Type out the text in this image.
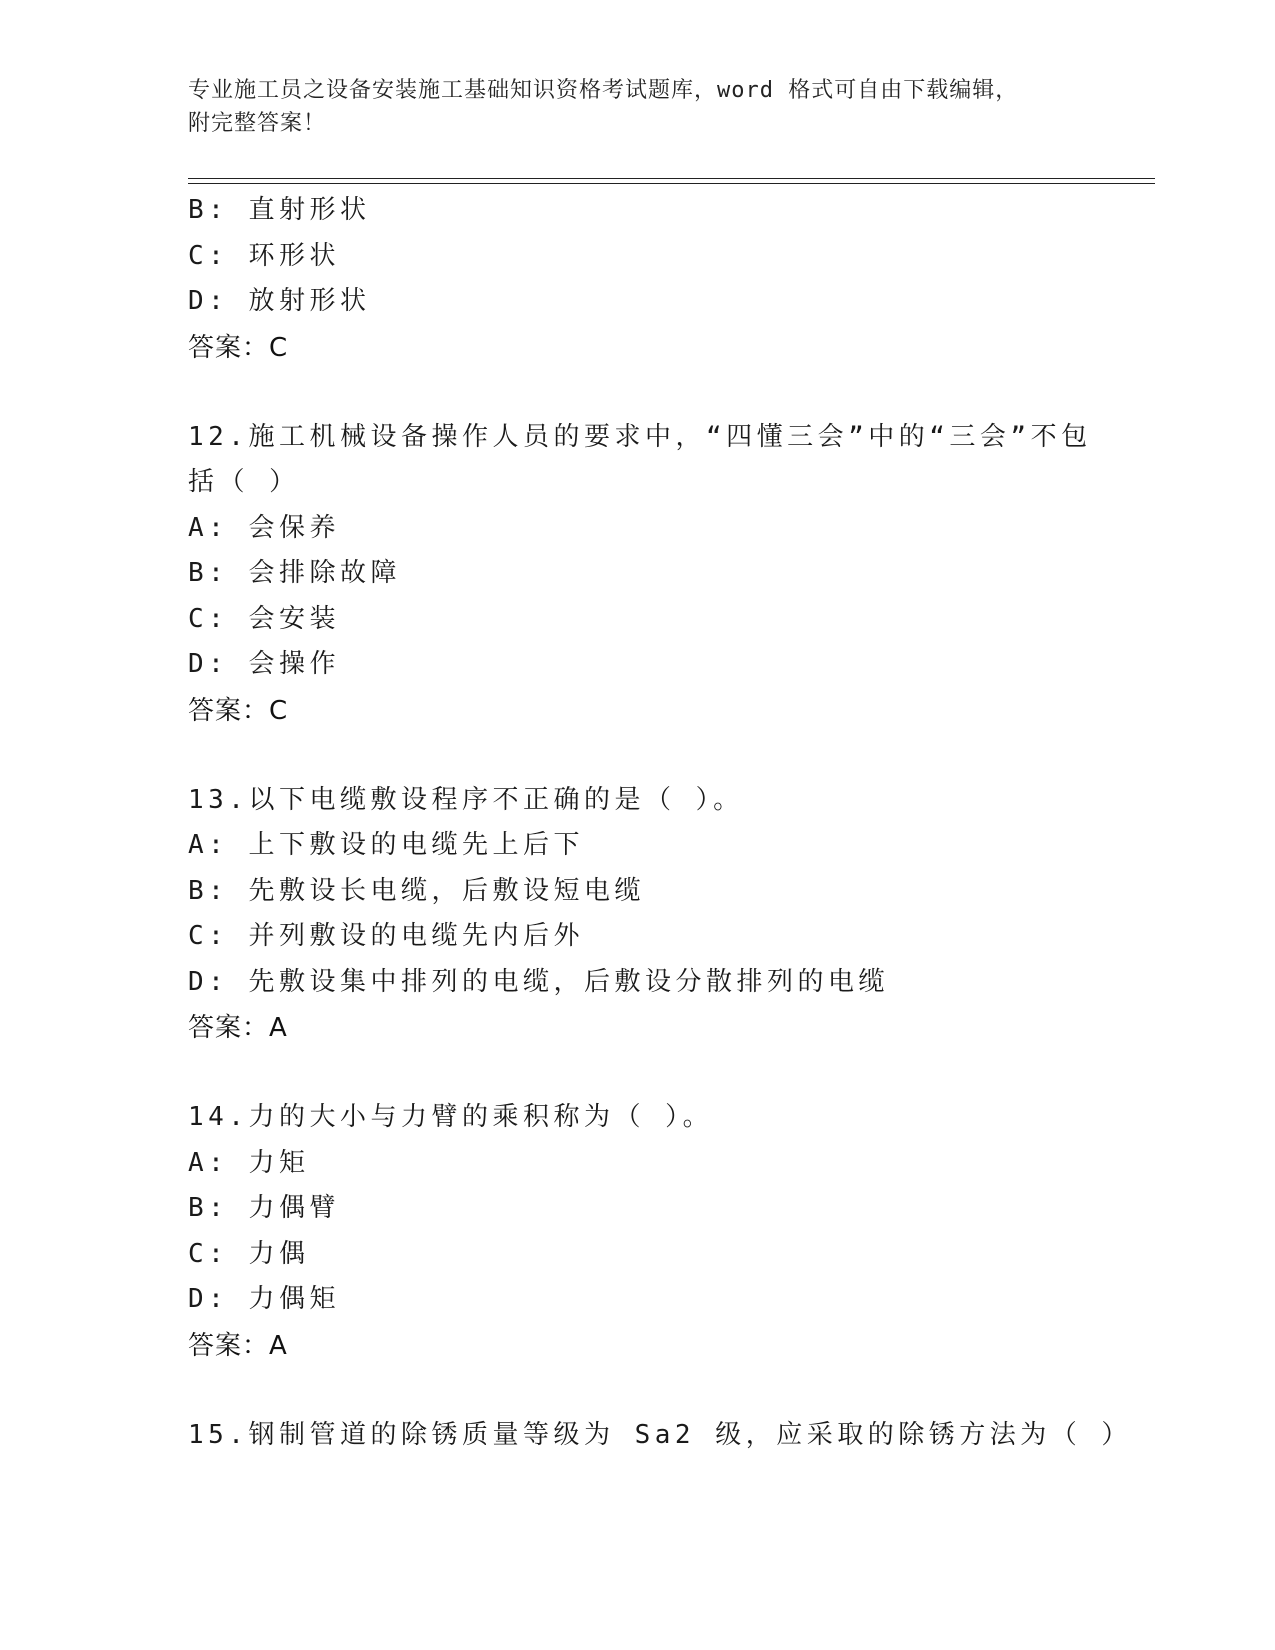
专业施工员之设备安装施工基础知识资格考试题库，word 格式可自由下载编辑，
附完整答案！
B: 直射形状
C: 环形状
D: 放射形状
答案：C
12.施工机械设备操作人员的要求中，“四懂三会”中的“三会”不包
括（ ）
A: 会保养
B: 会排除故障
C: 会安装
D: 会操作
答案：C
13.以下电缆敷设程序不正确的是（ ）。
A: 上下敷设的电缆先上后下
B: 先敷设长电缆，后敷设短电缆
C: 并列敷设的电缆先内后外
D: 先敷设集中排列的电缆，后敷设分散排列的电缆
答案：A
14.力的大小与力臂的乘积称为（ ）。
A: 力矩
B: 力偶臂
C: 力偶
D: 力偶矩
答案：A
15.钢制管道的除锈质量等级为 Sa2 级，应采取的除锈方法为（ ）
